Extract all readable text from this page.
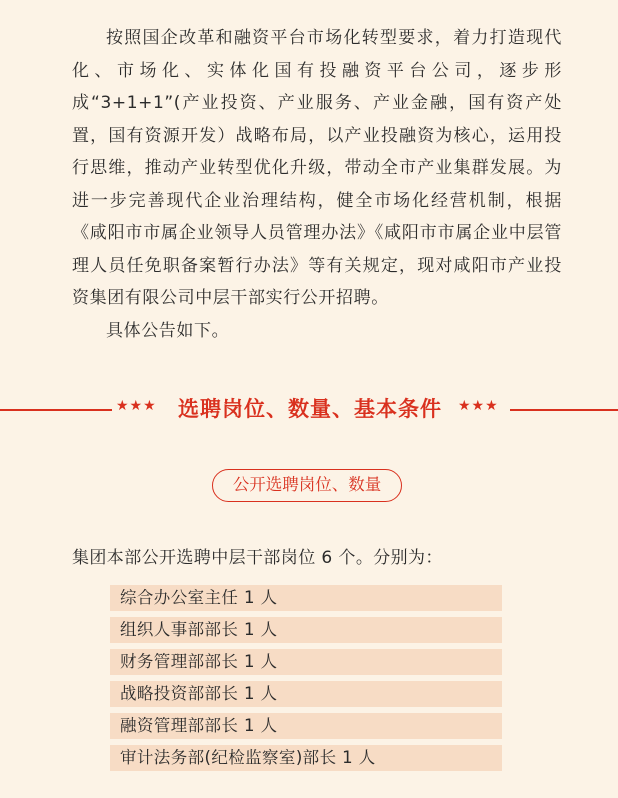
按照国企改革和融资平台市场化转型要求，着力打造现代化、市场化、实体化国有投融资平台公司，逐步形成“3+1+1”(产业投资、产业服务、产业金融，国有资产处置，国有资源开发）战略布局，以产业投融资为核心，运用投行思维，推动产业转型优化升级，带动全市产业集群发展。为进一步完善现代企业治理结构，健全市场化经营机制，根据《咸阳市市属企业领导人员管理办法》《咸阳市市属企业中层管理人员任免职备案暂行办法》等有关规定，现对咸阳市产业投资集团有限公司中层干部实行公开招聘。

具体公告如下。

★★★	选聘岗位、数量、基本条件	★★★
公开选聘岗位、数量
集团本部公开选聘中层干部岗位 6 个。分别为：
综合办公室主任 1 人
组织人事部部长 1 人
财务管理部部长 1 人
战略投资部部长 1 人
融资管理部部长 1 人
审计法务部(纪检监察室)部长 1 人
